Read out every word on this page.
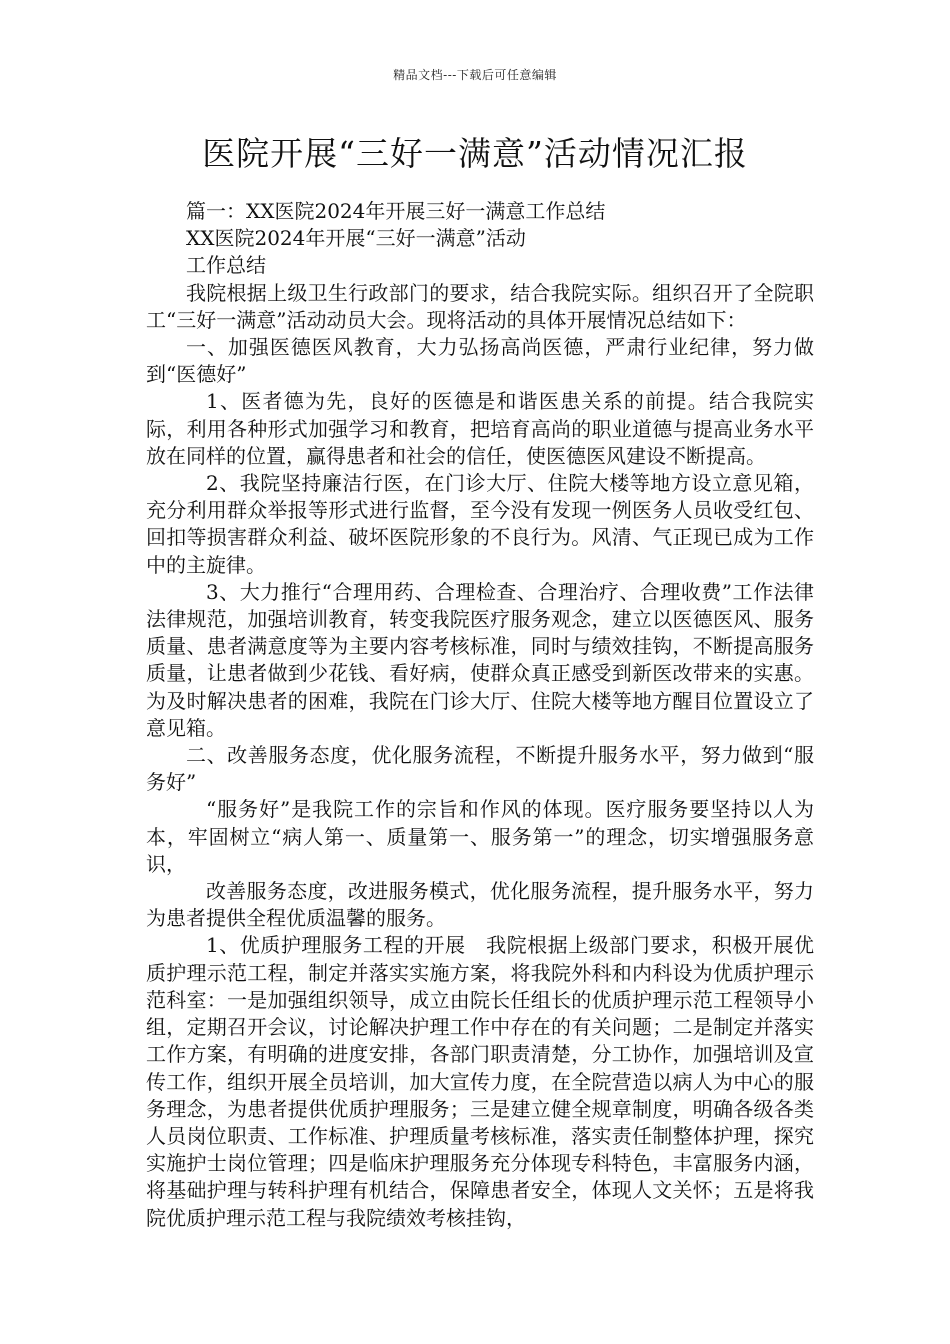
精品文档---下载后可任意编辑
医院开展“三好一满意”活动情况汇报

篇一：XX医院2024年开展三好一满意工作总结

XX医院2024年开展“三好一满意”活动

工作总结

我院根据上级卫生行政部门的要求，结合我院实际。组织召开了全院职工“三好一满意”活动动员大会。现将活动的具体开展情况总结如下：

一、加强医德医风教育，大力弘扬高尚医德，严肃行业纪律，努力做到“医德好”

1、医者德为先，良好的医德是和谐医患关系的前提。结合我院实际，利用各种形式加强学习和教育，把培育高尚的职业道德与提高业务水平放在同样的位置，赢得患者和社会的信任，使医德医风建设不断提高。

2、我院坚持廉洁行医，在门诊大厅、住院大楼等地方设立意见箱，充分利用群众举报等形式进行监督，至今没有发现一例医务人员收受红包、回扣等损害群众利益、破坏医院形象的不良行为。风清、气正现已成为工作中的主旋律。

3、大力推行“合理用药、合理检查、合理治疗、合理收费”工作法律法律规范，加强培训教育，转变我院医疗服务观念，建立以医德医风、服务质量、患者满意度等为主要内容考核标准，同时与绩效挂钩，不断提高服务质量，让患者做到少花钱、看好病，使群众真正感受到新医改带来的实惠。为及时解决患者的困难，我院在门诊大厅、住院大楼等地方醒目位置设立了意见箱。

二、改善服务态度，优化服务流程，不断提升服务水平，努力做到“服务好”

“服务好”是我院工作的宗旨和作风的体现。医疗服务要坚持以人为本，牢固树立“病人第一、质量第一、服务第一”的理念，切实增强服务意识，

改善服务态度，改进服务模式，优化服务流程，提升服务水平，努力为患者提供全程优质温馨的服务。

1、优质护理服务工程的开展　我院根据上级部门要求，积极开展优质护理示范工程，制定并落实实施方案，将我院外科和内科设为优质护理示范科室：一是加强组织领导，成立由院长任组长的优质护理示范工程领导小组，定期召开会议，讨论解决护理工作中存在的有关问题；二是制定并落实工作方案，有明确的进度安排，各部门职责清楚，分工协作，加强培训及宣传工作，组织开展全员培训，加大宣传力度，在全院营造以病人为中心的服务理念，为患者提供优质护理服务；三是建立健全规章制度，明确各级各类人员岗位职责、工作标准、护理质量考核标准，落实责任制整体护理，探究实施护士岗位管理；四是临床护理服务充分体现专科特色，丰富服务内涵，将基础护理与转科护理有机结合，保障患者安全，体现人文关怀；五是将我院优质护理示范工程与我院绩效考核挂钩，
